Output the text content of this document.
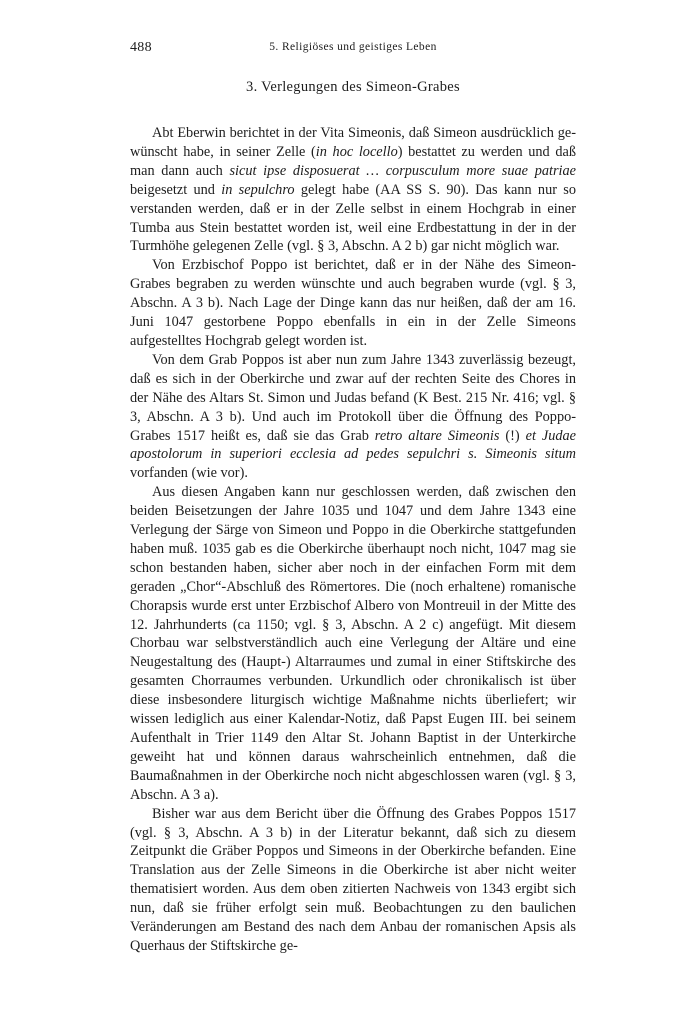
488	5. Religiöses und geistiges Leben
3. Verlegungen des Simeon-Grabes

Abt Eberwin berichtet in der Vita Simeonis, daß Simeon ausdrücklich gewünscht habe, in seiner Zelle (in hoc locello) bestattet zu werden und daß man dann auch sicut ipse disposuerat … corpusculum more suae patriae beigesetzt und in sepulchro gelegt habe (AA SS S. 90). Das kann nur so verstanden werden, daß er in der Zelle selbst in einem Hochgrab in einer Tumba aus Stein bestattet worden ist, weil eine Erdbestattung in der in der Turmhöhe gelegenen Zelle (vgl. § 3, Abschn. A 2 b) gar nicht möglich war.

Von Erzbischof Poppo ist berichtet, daß er in der Nähe des Simeon-Grabes begraben zu werden wünschte und auch begraben wurde (vgl. § 3, Abschn. A 3 b). Nach Lage der Dinge kann das nur heißen, daß der am 16. Juni 1047 gestorbene Poppo ebenfalls in ein in der Zelle Simeons aufgestelltes Hochgrab gelegt worden ist.

Von dem Grab Poppos ist aber nun zum Jahre 1343 zuverlässig bezeugt, daß es sich in der Oberkirche und zwar auf der rechten Seite des Chores in der Nähe des Altars St. Simon und Judas befand (K Best. 215 Nr. 416; vgl. § 3, Abschn. A 3 b). Und auch im Protokoll über die Öffnung des Poppo-Grabes 1517 heißt es, daß sie das Grab retro altare Simeonis (!) et Judae apostolorum in superiori ecclesia ad pedes sepulchri s. Simeonis situm vorfanden (wie vor).

Aus diesen Angaben kann nur geschlossen werden, daß zwischen den beiden Beisetzungen der Jahre 1035 und 1047 und dem Jahre 1343 eine Verlegung der Särge von Simeon und Poppo in die Oberkirche stattgefunden haben muß. 1035 gab es die Oberkirche überhaupt noch nicht, 1047 mag sie schon bestanden haben, sicher aber noch in der einfachen Form mit dem geraden „Chor“-Abschluß des Römertores. Die (noch erhaltene) romanische Chorapsis wurde erst unter Erzbischof Albero von Montreuil in der Mitte des 12. Jahrhunderts (ca 1150; vgl. § 3, Abschn. A 2 c) angefügt. Mit diesem Chorbau war selbstverständlich auch eine Verlegung der Altäre und eine Neugestaltung des (Haupt-) Altarraumes und zumal in einer Stiftskirche des gesamten Chorraumes verbunden. Urkundlich oder chronikalisch ist über diese insbesondere liturgisch wichtige Maßnahme nichts überliefert; wir wissen lediglich aus einer Kalendar-Notiz, daß Papst Eugen III. bei seinem Aufenthalt in Trier 1149 den Altar St. Johann Baptist in der Unterkirche geweiht hat und können daraus wahrscheinlich entnehmen, daß die Baumaßnahmen in der Oberkirche noch nicht abgeschlossen waren (vgl. § 3, Abschn. A 3 a).

Bisher war aus dem Bericht über die Öffnung des Grabes Poppos 1517 (vgl. § 3, Abschn. A 3 b) in der Literatur bekannt, daß sich zu diesem Zeitpunkt die Gräber Poppos und Simeons in der Oberkirche befanden. Eine Translation aus der Zelle Simeons in die Oberkirche ist aber nicht weiter thematisiert worden. Aus dem oben zitierten Nachweis von 1343 ergibt sich nun, daß sie früher erfolgt sein muß. Beobachtungen zu den baulichen Veränderungen am Bestand des nach dem Anbau der romanischen Apsis als Querhaus der Stiftskirche ge-
